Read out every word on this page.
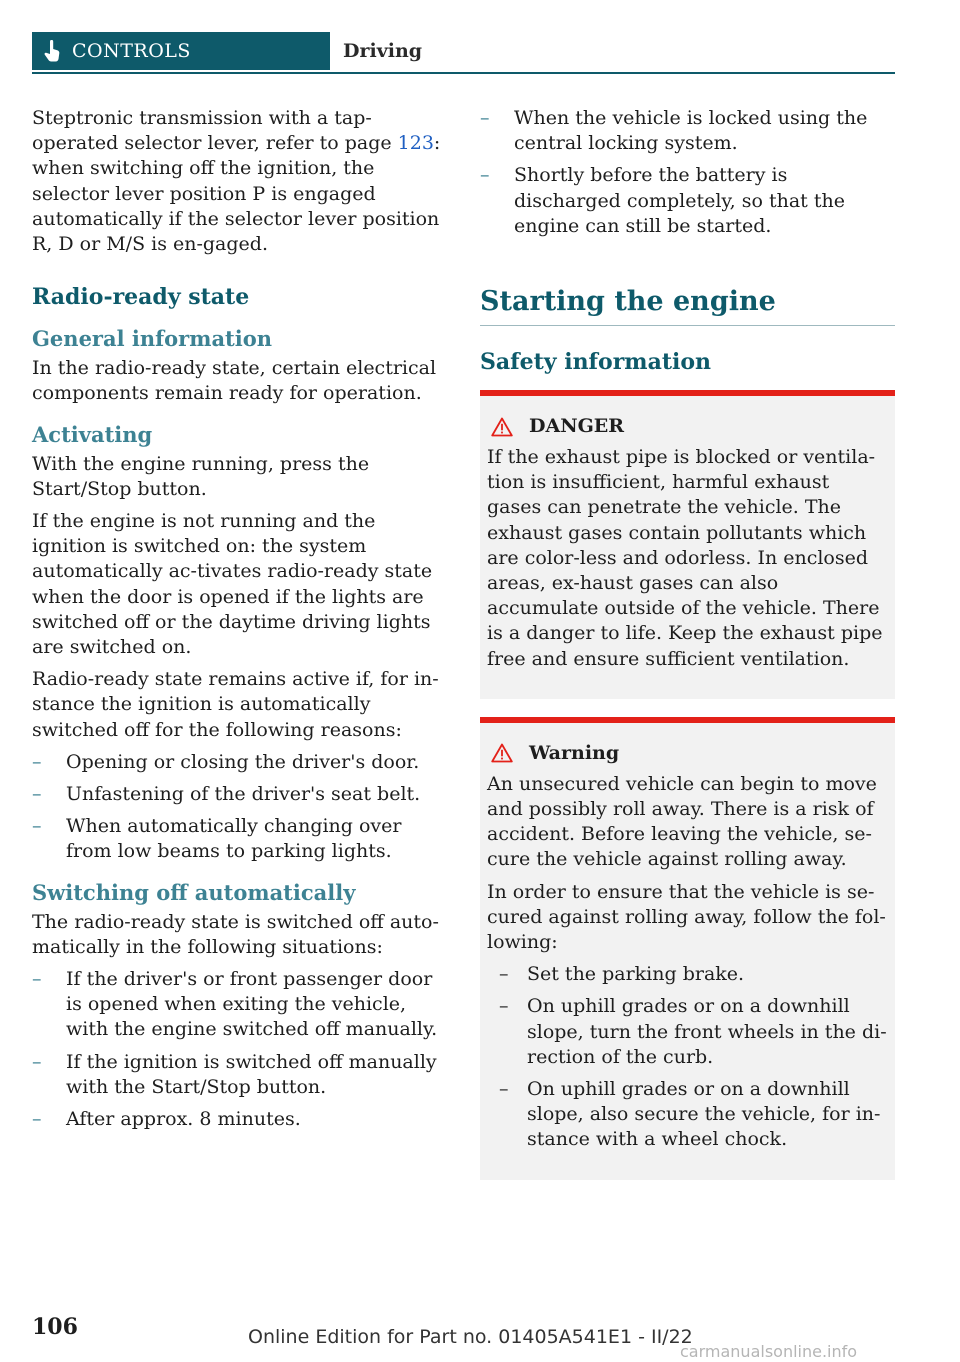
CONTROLS	Driving

Steptronic transmission with a tap-operated selector lever, refer to page 123: when switching off the ignition, the selector lever position P is engaged automatically if the selector lever position R, D or M/S is en-gaged.

Radio-ready state
General information

In the radio-ready state, certain electrical components remain ready for operation.

Activating

With the engine running, press the Start/Stop button.

If the engine is not running and the ignition is switched on: the system automatically ac-tivates radio-ready state when the door is opened if the lights are switched off or the daytime driving lights are switched on.

Radio-ready state remains active if, for in-stance the ignition is automatically switched off for the following reasons:

– Opening or closing the driver's door.
– Unfastening of the driver's seat belt.
– When automatically changing over from low beams to parking lights.
Switching off automatically

The radio-ready state is switched off auto-matically in the following situations:

– If the driver's or front passenger door is opened when exiting the vehicle, with the engine switched off manually.
– If the ignition is switched off manually with the Start/Stop button.
– After approx. 8 minutes.
– When the vehicle is locked using the central locking system.
– Shortly before the battery is discharged completely, so that the engine can still be started.
Starting the engine
Safety information
DANGER

If the exhaust pipe is blocked or ventila-tion is insufficient, harmful exhaust gases can penetrate the vehicle. The exhaust gases contain pollutants which are color-less and odorless. In enclosed areas, ex-haust gases can also accumulate outside of the vehicle. There is a danger to life. Keep the exhaust pipe free and ensure sufficient ventilation.

Warning

An unsecured vehicle can begin to move and possibly roll away. There is a risk of accident. Before leaving the vehicle, se-cure the vehicle against rolling away.

In order to ensure that the vehicle is se-cured against rolling away, follow the fol-lowing:

– Set the parking brake.
– On uphill grades or on a downhill slope, turn the front wheels in the di-rection of the curb.
– On uphill grades or on a downhill slope, also secure the vehicle, for in-stance with a wheel chock.
106	Online Edition for Part no. 01405A541E1 - II/22
carmanualsonline.info
